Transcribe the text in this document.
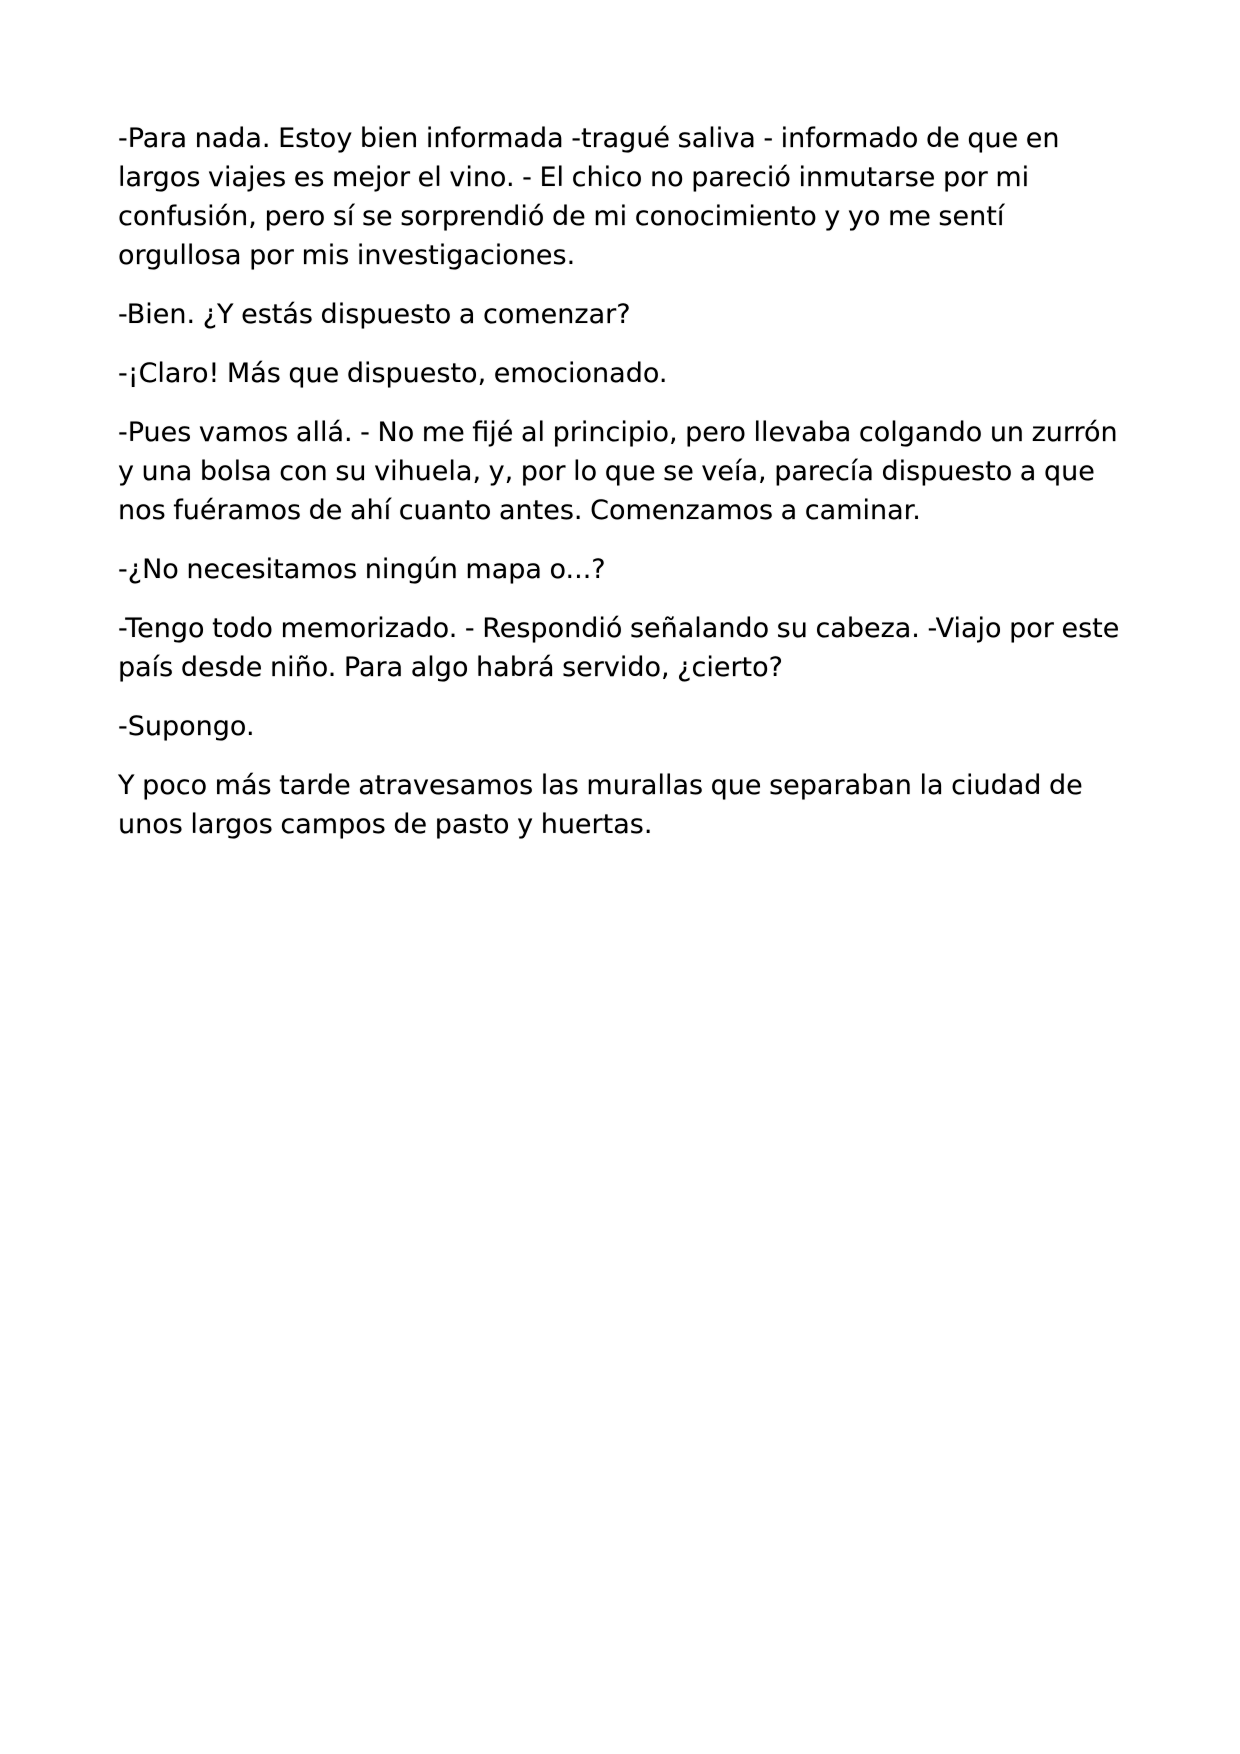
-Para nada. Estoy bien informada -tragué saliva - informado de que en largos viajes es mejor el vino. - El chico no pareció inmutarse por mi confusión, pero sí se sorprendió de mi conocimiento y yo me sentí orgullosa por mis investigaciones.

-Bien. ¿Y estás dispuesto a comenzar?

-¡Claro! Más que dispuesto, emocionado.

-Pues vamos allá. - No me fijé al principio, pero llevaba colgando un zurrón y una bolsa con su vihuela, y, por lo que se veía, parecía dispuesto a que nos fuéramos de ahí cuanto antes. Comenzamos a caminar.

-¿No necesitamos ningún mapa o...?

-Tengo todo memorizado. - Respondió señalando su cabeza. -Viajo por este país desde niño. Para algo habrá servido, ¿cierto?

-Supongo.

Y poco más tarde atravesamos las murallas que separaban la ciudad de unos largos campos de pasto y huertas.
